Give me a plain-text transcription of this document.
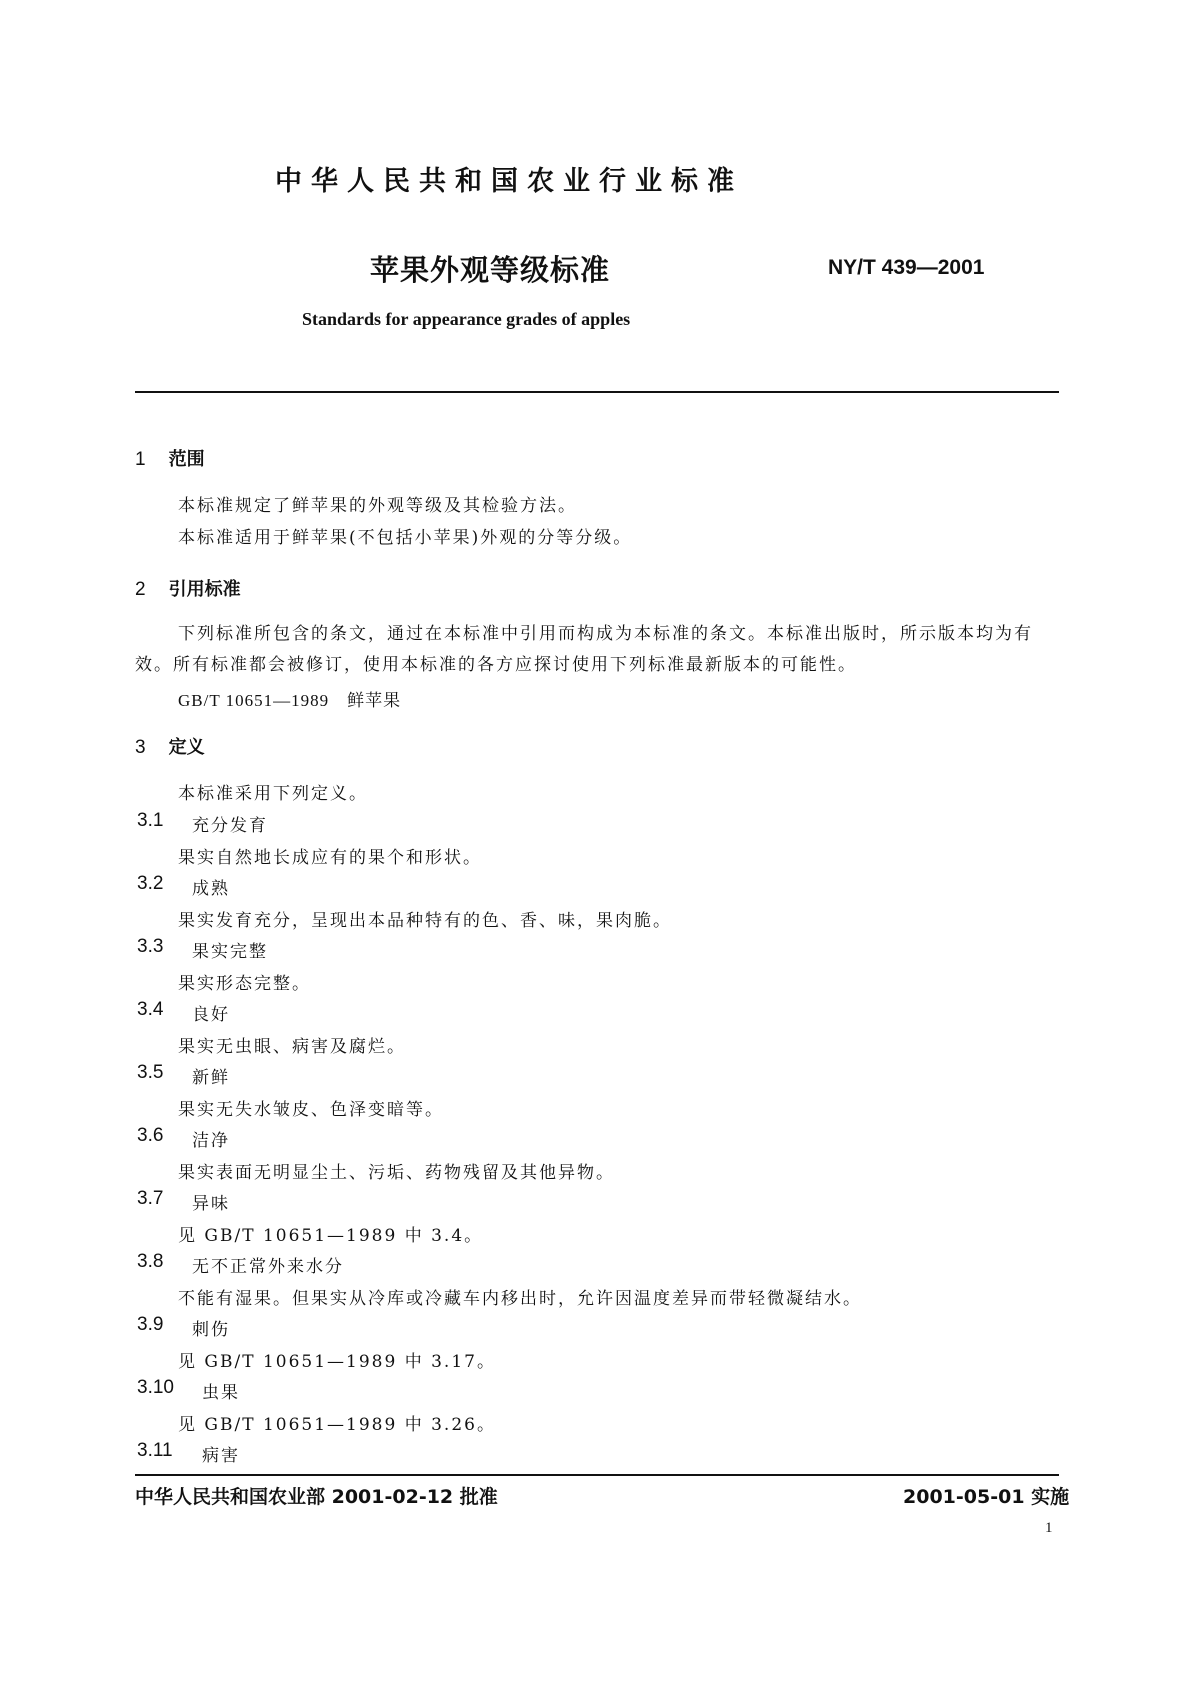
中华人民共和国农业行业标准
苹果外观等级标准	NY/T 439—2001
Standards for appearance grades of apples
1 范围
本标准规定了鲜苹果的外观等级及其检验方法。
本标准适用于鲜苹果(不包括小苹果)外观的分等分级。
2 引用标准
下列标准所包含的条文，通过在本标准中引用而构成为本标准的条文。本标准出版时，所示版本均为有效。所有标准都会被修订，使用本标准的各方应探讨使用下列标准最新版本的可能性。
GB/T 10651—1989　鲜苹果
3 定义
本标准采用下列定义。
3.1 充分发育
果实自然地长成应有的果个和形状。
3.2 成熟
果实发育充分，呈现出本品种特有的色、香、味，果肉脆。
3.3 果实完整
果实形态完整。
3.4 良好
果实无虫眼、病害及腐烂。
3.5 新鲜
果实无失水皱皮、色泽变暗等。
3.6 洁净
果实表面无明显尘土、污垢、药物残留及其他异物。
3.7 异味
见 GB/T 10651—1989 中 3.4。
3.8 无不正常外来水分
不能有湿果。但果实从冷库或冷藏车内移出时，允许因温度差异而带轻微凝结水。
3.9 刺伤
见 GB/T 10651—1989 中 3.17。
3.10 虫果
见 GB/T 10651—1989 中 3.26。
3.11 病害
中华人民共和国农业部 2001-02-12 批准	2001-05-01 实施
1
